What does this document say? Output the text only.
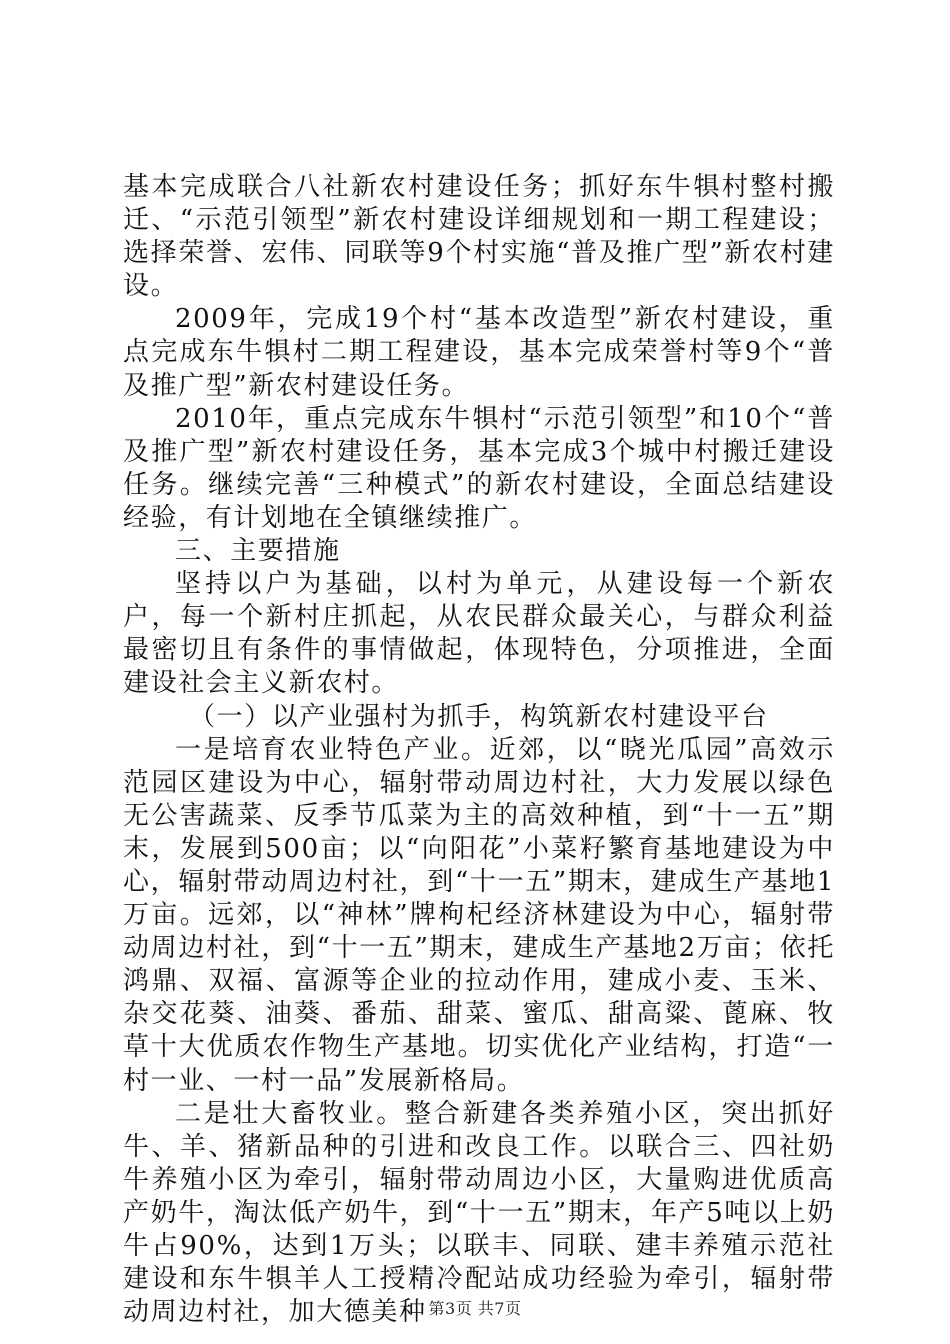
基本完成联合八社新农村建设任务；抓好东牛犋村整村搬迁、“示范引领型”新农村建设详细规划和一期工程建设；选择荣誉、宏伟、同联等9个村实施“普及推广型”新农村建设。

2009年，完成19个村“基本改造型”新农村建设，重点完成东牛犋村二期工程建设，基本完成荣誉村等9个“普及推广型”新农村建设任务。

2010年，重点完成东牛犋村“示范引领型”和10个“普及推广型”新农村建设任务，基本完成3个城中村搬迁建设任务。继续完善“三种模式”的新农村建设，全面总结建设经验，有计划地在全镇继续推广。

三、主要措施

坚持以户为基础，以村为单元，从建设每一个新农户，每一个新村庄抓起，从农民群众最关心，与群众利益最密切且有条件的事情做起，体现特色，分项推进，全面建设社会主义新农村。

（一）以产业强村为抓手，构筑新农村建设平台

一是培育农业特色产业。近郊，以“晓光瓜园”高效示范园区建设为中心，辐射带动周边村社，大力发展以绿色无公害蔬菜、反季节瓜菜为主的高效种植，到“十一五”期末，发展到500亩；以“向阳花”小菜籽繁育基地建设为中心，辐射带动周边村社，到“十一五”期末，建成生产基地1万亩。远郊，以“神林”牌枸杞经济林建设为中心，辐射带动周边村社，到“十一五”期末，建成生产基地2万亩；依托鸿鼎、双福、富源等企业的拉动作用，建成小麦、玉米、杂交花葵、油葵、番茄、甜菜、蜜瓜、甜高粱、蓖麻、牧草十大优质农作物生产基地。切实优化产业结构，打造“一村一业、一村一品”发展新格局。

二是壮大畜牧业。整合新建各类养殖小区，突出抓好牛、羊、猪新品种的引进和改良工作。以联合三、四社奶牛养殖小区为牵引，辐射带动周边小区，大量购进优质高产奶牛，淘汰低产奶牛，到“十一五”期末，年产5吨以上奶牛占90%，达到1万头；以联丰、同联、建丰养殖示范社建设和东牛犋羊人工授精冷配站成功经验为牵引，辐射带动周边村社，加大德美种 第3页 共7页
